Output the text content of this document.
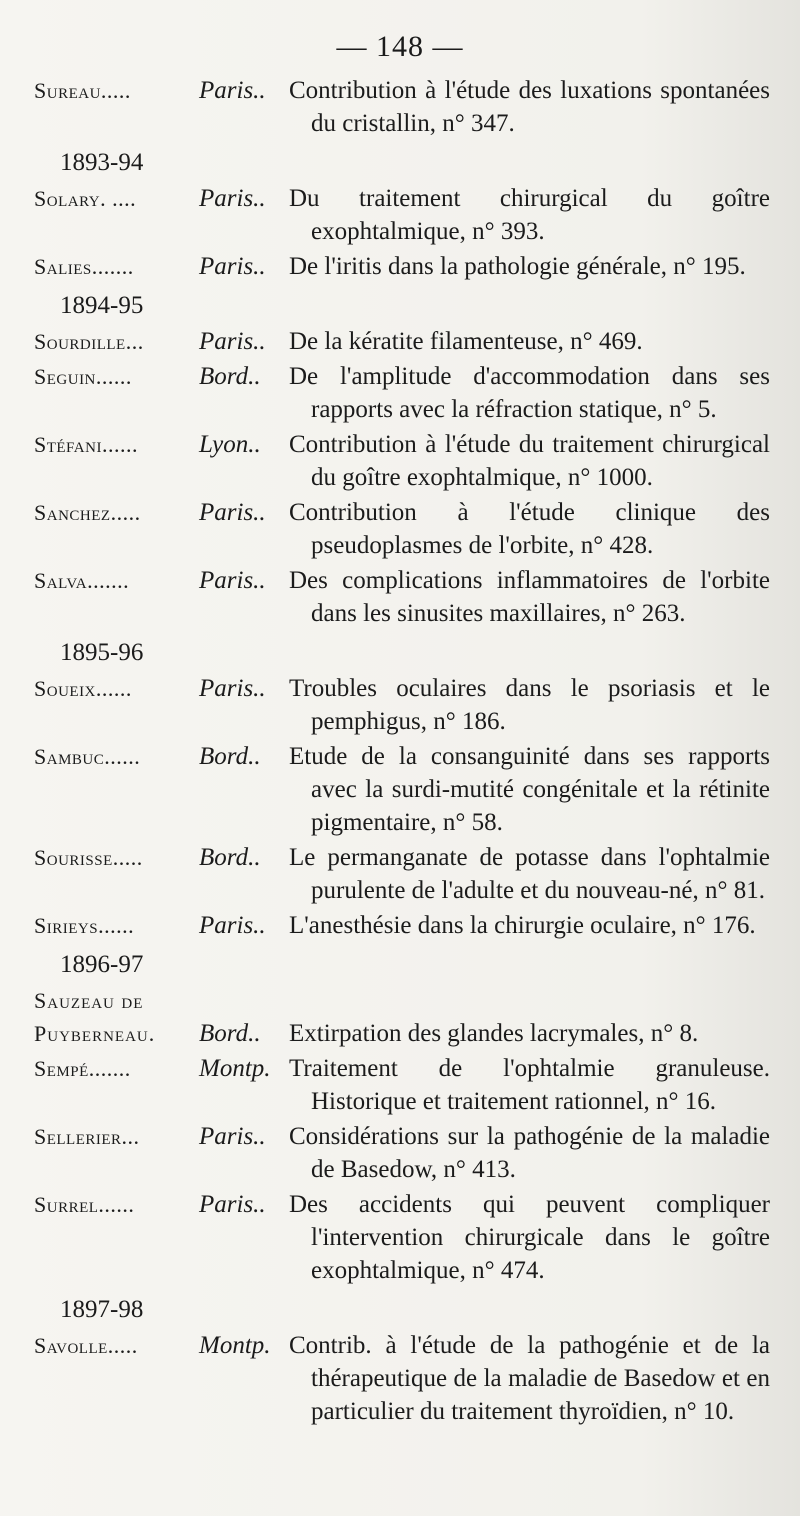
— 148 —
Sureau.....	Paris.. Contribution à l'étude des luxations spontanées du cristallin, n° 347.
1893-94
Solary. ....	Paris.. Du traitement chirurgical du goître exophtalmique, n° 393.
Salies.......	Paris.. De l'iritis dans la pathologie générale, n° 195.
1894-95
Sourdille...	Paris.. De la kératite filamenteuse, n° 469.
Seguin......	Bord..	De l'amplitude d'accommodation dans ses rapports avec la réfraction statique, n° 5.
Stéfani......	Lyon..	Contribution à l'étude du traitement chirurgical du goître exophtalmique, n° 1000.
Sanchez.....	Paris.. Contribution à l'étude clinique des pseudoplasmes de l'orbite, n° 428.
Salva.......	Paris.. Des complications inflammatoires de l'orbite dans les sinusites maxillaires, n° 263.
1895-96
Soueix......	Paris.. Troubles oculaires dans le psoriasis et le pemphigus, n° 186.
Sambuc......	Bord..	Etude de la consanguinité dans ses rapports avec la surdi-mutité congénitale et la rétinite pigmentaire, n° 58.
Sourisse.....	Bord..	Le permanganate de potasse dans l'ophtalmie purulente de l'adulte et du nouveau-né, n° 81.
Sirieys......	Paris.. L'anesthésie dans la chirurgie oculaire, n° 176.
1896-97
Sauzeau de Puyberneau.	Bord..	Extirpation des glandes lacrymales, n° 8.
Sempé.......	Montp. Traitement de l'ophtalmie granuleuse. Historique et traitement rationnel, n° 16.
Sellerier...	Paris.. Considérations sur la pathogénie de la maladie de Basedow, n° 413.
Surrel......	Paris.. Des accidents qui peuvent compliquer l'intervention chirurgicale dans le goître exophtalmique, n° 474.
1897-98
Savolle.....	Montp. Contrib. à l'étude de la pathogénie et de la thérapeutique de la maladie de Basedow et en particulier du traitement thyroïdien, n° 10.
